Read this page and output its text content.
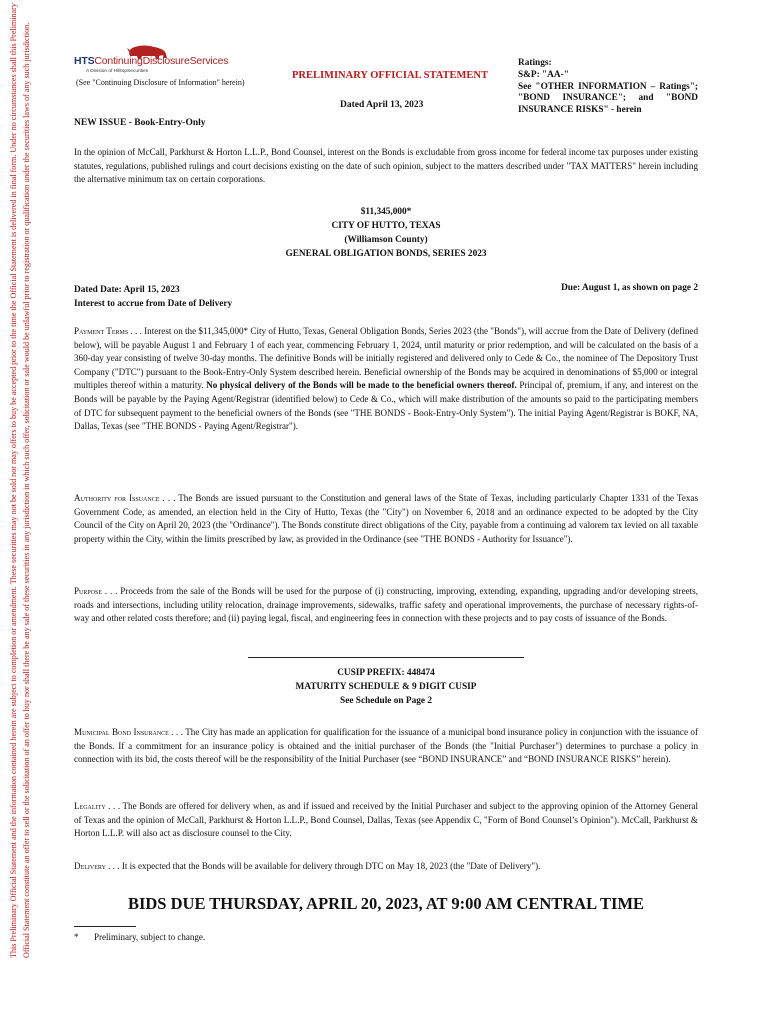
This Preliminary Official Statement and the information contained herein are subject to completion or amendment. These securities may not be sold nor may offers to buy be accepted prior to the time the Official Statement is delivered in final form. Under no circumstances shall this Preliminary Official Statement constitute an offer to sell or the solicitation of an offer to buy nor shall there be any sale of these securities in any jurisdiction in which such offer, solicitation or sale would be unlawful prior to registration or qualification under the securities laws of any such jurisdiction.	HTSContinuingDisclosureServices
A Division of HilltopSecurities
(See "Continuing Disclosure of Information" herein)
PRELIMINARY OFFICIAL STATEMENT
Dated April 13, 2023
NEW ISSUE - Book-Entry-Only
Ratings:
S&P: "AA-"
See "OTHER INFORMATION – Ratings"; "BOND INSURANCE"; and "BOND INSURANCE RISKS" - herein
In the opinion of McCall, Parkhurst & Horton L.L.P., Bond Counsel, interest on the Bonds is excludable from gross income for federal income tax purposes under existing statutes, regulations, published rulings and court decisions existing on the date of such opinion, subject to the matters described under "TAX MATTERS" herein including the alternative minimum tax on certain corporations.
$11,345,000*
CITY OF HUTTO, TEXAS
(Williamson County)
GENERAL OBLIGATION BONDS, SERIES 2023
Dated Date: April 15, 2023
Interest to accrue from Date of Delivery
Due: August 1, as shown on page 2
Payment Terms . . . Interest on the $11,345,000* City of Hutto, Texas, General Obligation Bonds, Series 2023 (the "Bonds"), will accrue from the Date of Delivery (defined below), will be payable August 1 and February 1 of each year, commencing February 1, 2024, until maturity or prior redemption, and will be calculated on the basis of a 360-day year consisting of twelve 30-day months. The definitive Bonds will be initially registered and delivered only to Cede & Co., the nominee of The Depository Trust Company ("DTC") pursuant to the Book-Entry-Only System described herein. Beneficial ownership of the Bonds may be acquired in denominations of $5,000 or integral multiples thereof within a maturity. No physical delivery of the Bonds will be made to the beneficial owners thereof. Principal of, premium, if any, and interest on the Bonds will be payable by the Paying Agent/Registrar (identified below) to Cede & Co., which will make distribution of the amounts so paid to the participating members of DTC for subsequent payment to the beneficial owners of the Bonds (see "THE BONDS - Book-Entry-Only System"). The initial Paying Agent/Registrar is BOKF, NA, Dallas, Texas (see "THE BONDS - Paying Agent/Registrar").
Authority for Issuance . . . The Bonds are issued pursuant to the Constitution and general laws of the State of Texas, including particularly Chapter 1331 of the Texas Government Code, as amended, an election held in the City of Hutto, Texas (the "City") on November 6, 2018 and an ordinance expected to be adopted by the City Council of the City on April 20, 2023 (the "Ordinance"). The Bonds constitute direct obligations of the City, payable from a continuing ad valorem tax levied on all taxable property within the City, within the limits prescribed by law, as provided in the Ordinance (see "THE BONDS - Authority for Issuance").
Purpose . . . Proceeds from the sale of the Bonds will be used for the purpose of (i) constructing, improving, extending, expanding, upgrading and/or developing streets, roads and intersections, including utility relocation, drainage improvements, sidewalks, traffic safety and operational improvements, the purchase of necessary rights-of-way and other related costs therefore; and (ii) paying legal, fiscal, and engineering fees in connection with these projects and to pay costs of issuance of the Bonds.
CUSIP PREFIX: 448474
MATURITY SCHEDULE & 9 DIGIT CUSIP
See Schedule on Page 2
Municipal Bond Insurance . . . The City has made an application for qualification for the issuance of a municipal bond insurance policy in conjunction with the issuance of the Bonds. If a commitment for an insurance policy is obtained and the initial purchaser of the Bonds (the "Initial Purchaser") determines to purchase a policy in connection with its bid, the costs thereof will be the responsibility of the Initial Purchaser (see “BOND INSURANCE” and “BOND INSURANCE RISKS” herein).
Legality . . . The Bonds are offered for delivery when, as and if issued and received by the Initial Purchaser and subject to the approving opinion of the Attorney General of Texas and the opinion of McCall, Parkhurst & Horton L.L.P., Bond Counsel, Dallas, Texas (see Appendix C, "Form of Bond Counsel’s Opinion"). McCall, Parkhurst & Horton L.L.P. will also act as disclosure counsel to the City.
Delivery . . . It is expected that the Bonds will be available for delivery through DTC on May 18, 2023 (the "Date of Delivery").
BIDS DUE THURSDAY, APRIL 20, 2023, AT 9:00 AM CENTRAL TIME
* Preliminary, subject to change.
